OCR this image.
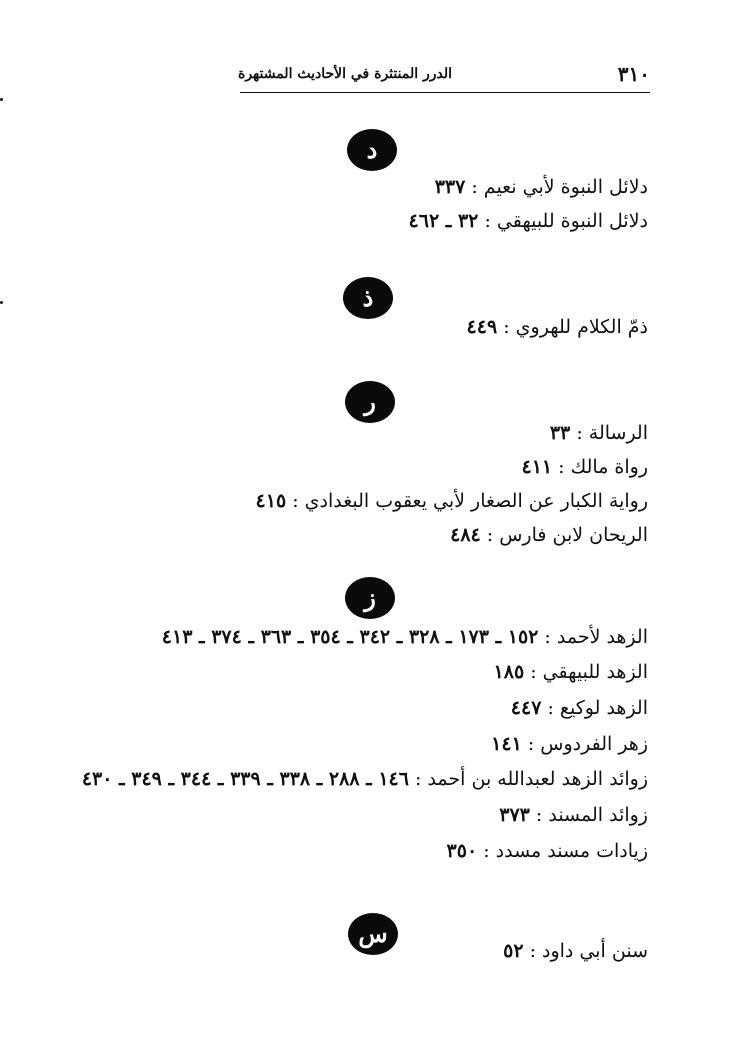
٣١٠
الدرر المنتثرة في الأحاديث المشتهرة
د
دلائل النبوة لأبي نعيم : ٣٣٧
دلائل النبوة للبيهقي : ٣٢ ـ ٤٦٢
ذ
ذمّ الكلام للهروي : ٤٤٩
ر
الرسالة : ٣٣
رواة مالك : ٤١١
رواية الكبار عن الصغار لأبي يعقوب البغدادي : ٤١٥
الريحان لابن فارس : ٤٨٤
ز
الزهد لأحمد : ١٥٢ ـ ١٧٣ ـ ٣٢٨ ـ ٣٤٢ ـ ٣٥٤ ـ ٣٦٣ ـ ٣٧٤ ـ ٤١٣
الزهد للبيهقي : ١٨٥
الزهد لوكيع : ٤٤٧
زهر الفردوس : ١٤١
زوائد الزهد لعبدالله بن أحمد : ١٤٦ ـ ٢٨٨ ـ ٣٣٨ ـ ٣٣٩ ـ ٣٤٤ ـ ٣٤٩ ـ ٤٣٠
زوائد المسند : ٣٧٣
زيادات مسند مسدد : ٣٥٠
س
سنن أبي داود : ٥٢
